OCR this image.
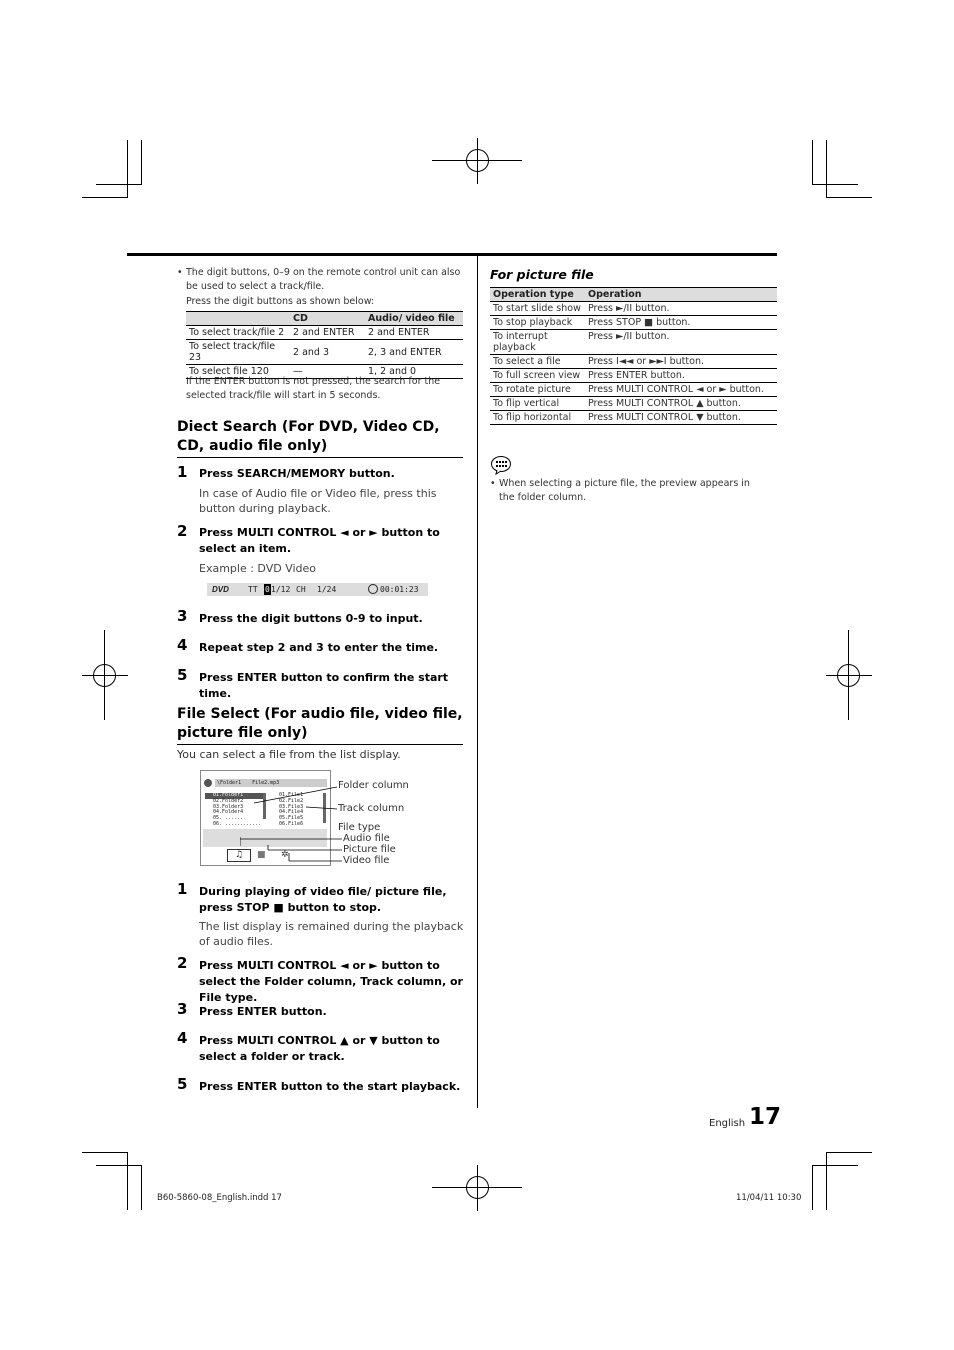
• The digit buttons, 0–9 on the remote control unit can also be used to select a track/file.
Press the digit buttons as shown below:
	CD	Audio/ video file
To select track/file 2	2 and ENTER	2 and ENTER
To select track/file 23	2 and 3	2, 3 and ENTER
To select file 120	—	1, 2 and 0
If the ENTER button is not pressed, the search for the selected track/file will start in 5 seconds.
Diect Search (For DVD, Video CD, CD, audio file only)
1 Press SEARCH/MEMORY button.
In case of Audio file or Video file, press this button during playback.
2 Press MULTI CONTROL ◄ or ► button to select an item.
Example : DVD Video
DVD TT 0 1/12 CH 1/24	00:01:23
3 Press the digit buttons 0-9 to input.
4 Repeat step 2 and 3 to enter the time.
5 Press ENTER button to confirm the start time.
File Select (For audio file, video file, picture file only)
You can select a file from the list display.
\Folder1 File2.mp3
01.Folder1
02.Folder2
03.Folder3
04.Folder4
05. ......
06. ............
01.File1
02.File2
03.File3
04.File4
05.File5
06.File6
♫	■	✲
Folder column
Track column
File type
Audio file
Picture file
Video file
1 During playing of video file/ picture file, press STOP ■ button to stop.
The list display is remained during the playback of audio files.
2 Press MULTI CONTROL ◄ or ► button to select the Folder column, Track column, or File type.
3 Press ENTER button.
4 Press MULTI CONTROL ▲ or ▼ button to select a folder or track.
5 Press ENTER button to the start playback.
For picture file
Operation type	Operation
To start slide show	Press ►/II button.
To stop playback	Press STOP ■ button.
To interrupt playback	Press ►/II button.
To select a file	Press I◄◄ or ►►I button.
To full screen view	Press ENTER button.
To rotate picture	Press MULTI CONTROL ◄ or ► button.
To flip vertical	Press MULTI CONTROL ▲ button.
To flip horizontal	Press MULTI CONTROL ▼ button.
• When selecting a picture file, the preview appears in the folder column.
English 17
B60-5860-08_English.indd 17	11/04/11 10:30
